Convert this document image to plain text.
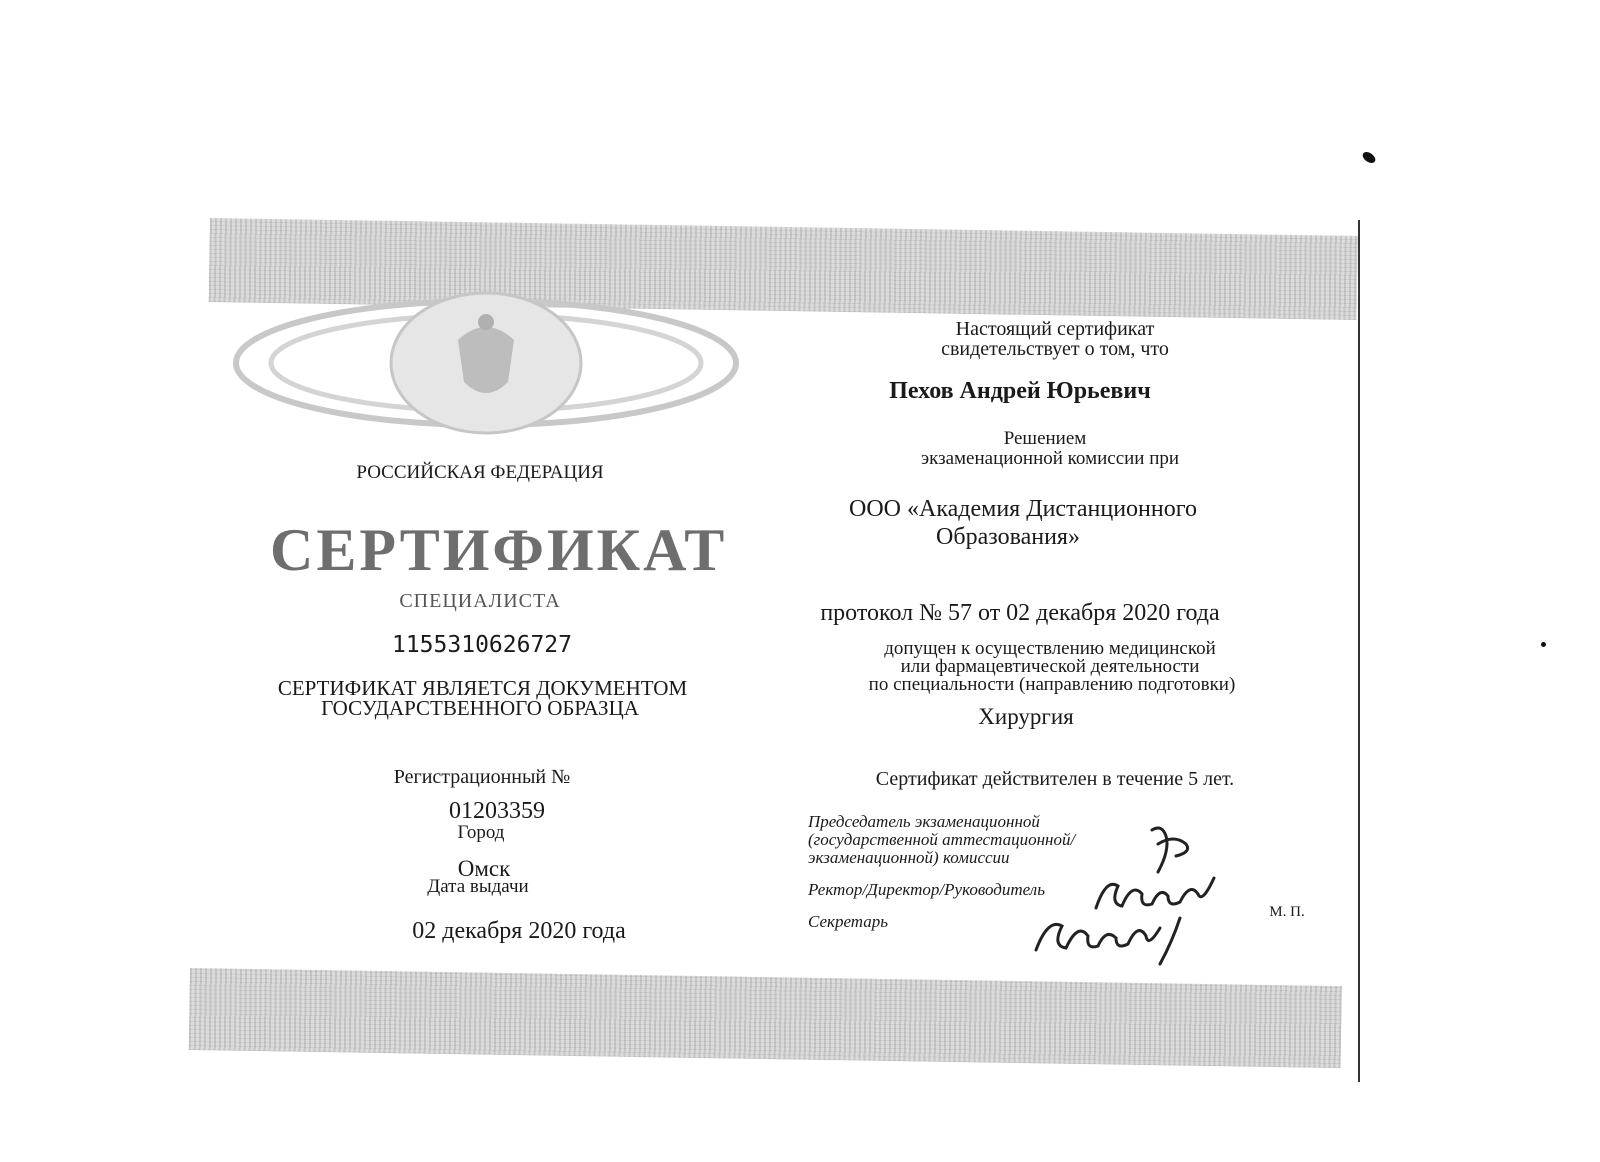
РОССИЙСКАЯ ФЕДЕРАЦИЯ
СЕРТИФИКАТ
СПЕЦИАЛИСТА
1155310626727
СЕРТИФИКАТ ЯВЛЯЕТСЯ ДОКУМЕНТОМ
ГОСУДАРСТВЕННОГО ОБРАЗЦА
Регистрационный №
01203359
Город
Омск
Дата выдачи
02 декабря 2020 года
Настоящий сертификат
свидетельствует о том, что
Пехов Андрей Юрьевич
Решением
экзаменационной комиссии при
ООО «Академия Дистанционного
Образования»
протокол № 57 от 02 декабря 2020 года
допущен к осуществлению медицинской
или фармацевтической деятельности
по специальности (направлению подготовки)
Хирургия
Сертификат действителен в течение 5 лет.
Председатель экзаменационной
(государственной аттестационной/
экзаменационной) комиссии
Ректор/Директор/Руководитель
Секретарь	М. П.
